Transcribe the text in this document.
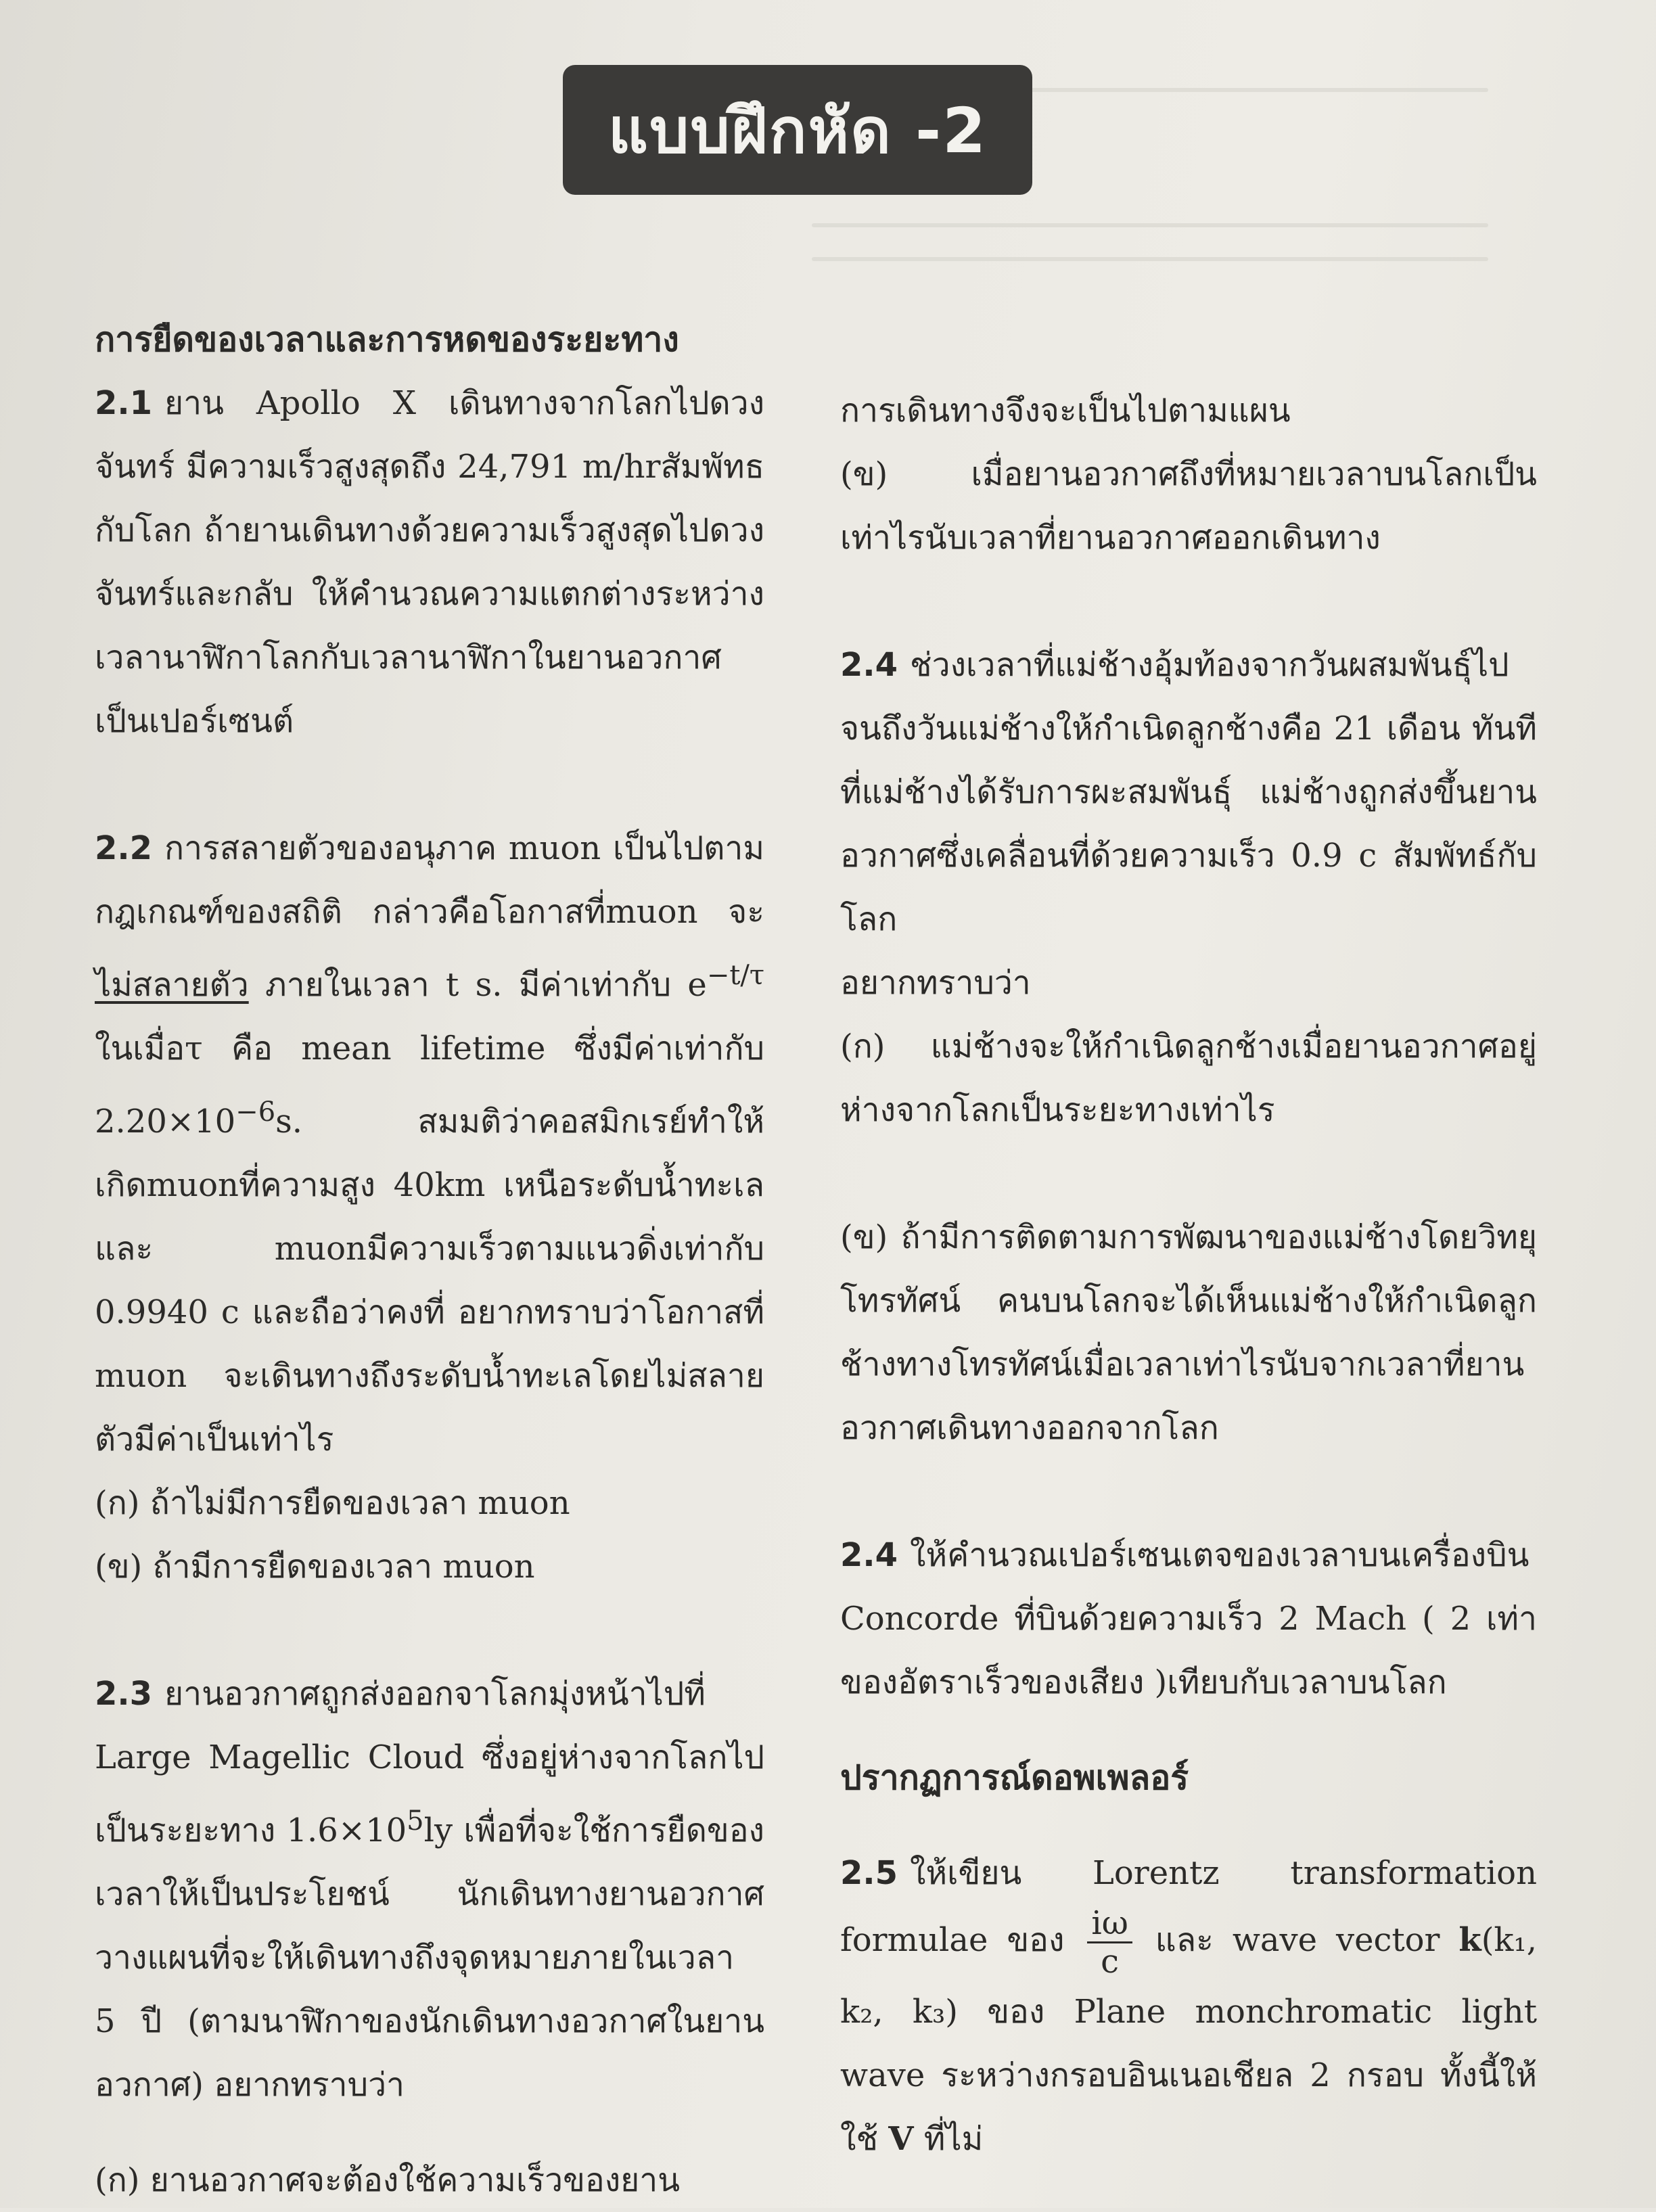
แบบฝึกหัด -2

การยืดของเวลาและการหดของระยะทาง

2.1 ยาน Apollo X เดินทางจากโลกไปดวงจันทร์ มีความเร็วสูงสุดถึง 24,791 m/hrสัมพัทธกับโลก ถ้ายานเดินทางด้วยความเร็วสูงสุดไปดวงจันทร์และกลับ ให้คำนวณความแตกต่างระหว่างเวลานาฬิกาโลกกับเวลานาฬิกาในยานอวกาศเป็นเปอร์เซนต์

2.2 การสลายตัวของอนุภาค muon เป็นไปตามกฎเกณฑ์ของสถิติ กล่าวคือโอกาสที่muon จะ ไม่สลายตัว ภายในเวลา t s. มีค่าเท่ากับ $e^{-t/\tau}$ ในเมื่อτ คือ mean lifetime ซึ่งมีค่าเท่ากับ $2.20\times 10^{-6}s$. สมมติว่าคอสมิกเรย์ทำให้เกิดmuonที่ความสูง 40km เหนือระดับน้ำทะเล และ muonมีความเร็วตามแนวดิ่งเท่ากับ 0.9940 c และถือว่าคงที่ อยากทราบว่าโอกาสที่ muon จะเดินทางถึงระดับน้ำทะเลโดยไม่สลายตัวมีค่าเป็นเท่าไร

(ก) ถ้าไม่มีการยืดของเวลา muon

(ข) ถ้ามีการยืดของเวลา muon

2.3 ยานอวกาศถูกส่งออกจาโลกมุ่งหน้าไปที่ Large Magellic Cloud ซึ่งอยู่ห่างจากโลกไปเป็นระยะทาง $1.6\times 10^5ly$ เพื่อที่จะใช้การยืดของเวลาให้เป็นประโยชน์ นักเดินทางยานอวกาศวางแผนที่จะให้เดินทางถึงจุดหมายภายในเวลา 5 ปี (ตามนาฬิกาของนักเดินทางอวกาศในยานอวกาศ) อยากทราบว่า

(ก) ยานอวกาศจะต้องใช้ความเร็วของยาน

การเดินทางจึงจะเป็นไปตามแผน

(ข) เมื่อยานอวกาศถึงที่หมายเวลาบนโลกเป็นเท่าไรนับเวลาที่ยานอวกาศออกเดินทาง

2.4 ช่วงเวลาที่แม่ช้างอุ้มท้องจากวันผสมพันธุ์ไปจนถึงวันแม่ช้างให้กำเนิดลูกช้างคือ 21 เดือน ทันทีที่แม่ช้างได้รับการผะสมพันธุ์ แม่ช้างถูกส่งขึ้นยานอวกาศซึ่งเคลื่อนที่ด้วยความเร็ว 0.9 c สัมพัทธ์กับโลก

อยากทราบว่า

(ก) แม่ช้างจะให้กำเนิดลูกช้างเมื่อยานอวกาศอยู่ห่างจากโลกเป็นระยะทางเท่าไร

(ข) ถ้ามีการติดตามการพัฒนาของแม่ช้างโดยวิทยุโทรทัศน์ คนบนโลกจะได้เห็นแม่ช้างให้กำเนิดลูกช้างทางโทรทัศน์เมื่อเวลาเท่าไรนับจากเวลาที่ยานอวกาศเดินทางออกจากโลก

2.4 ให้คำนวณเปอร์เซนเตจของเวลาบนเครื่องบิน Concorde ที่บินด้วยความเร็ว 2 Mach ( 2 เท่าของอัตราเร็วของเสียง )เทียบกับเวลาบนโลก

ปรากฏการณ์ดอพเพลอร์

2.5 ให้เขียน Lorentz transformation formulae ของ $\frac{i\omega}{c}$ และ wave vector k(k₁, k₂, k₃) ของ Plane monchromatic light wave ระหว่างกรอบอินเนอเชียล 2 กรอบ ทั้งนี้ให้ใช้ V ที่ไม่
